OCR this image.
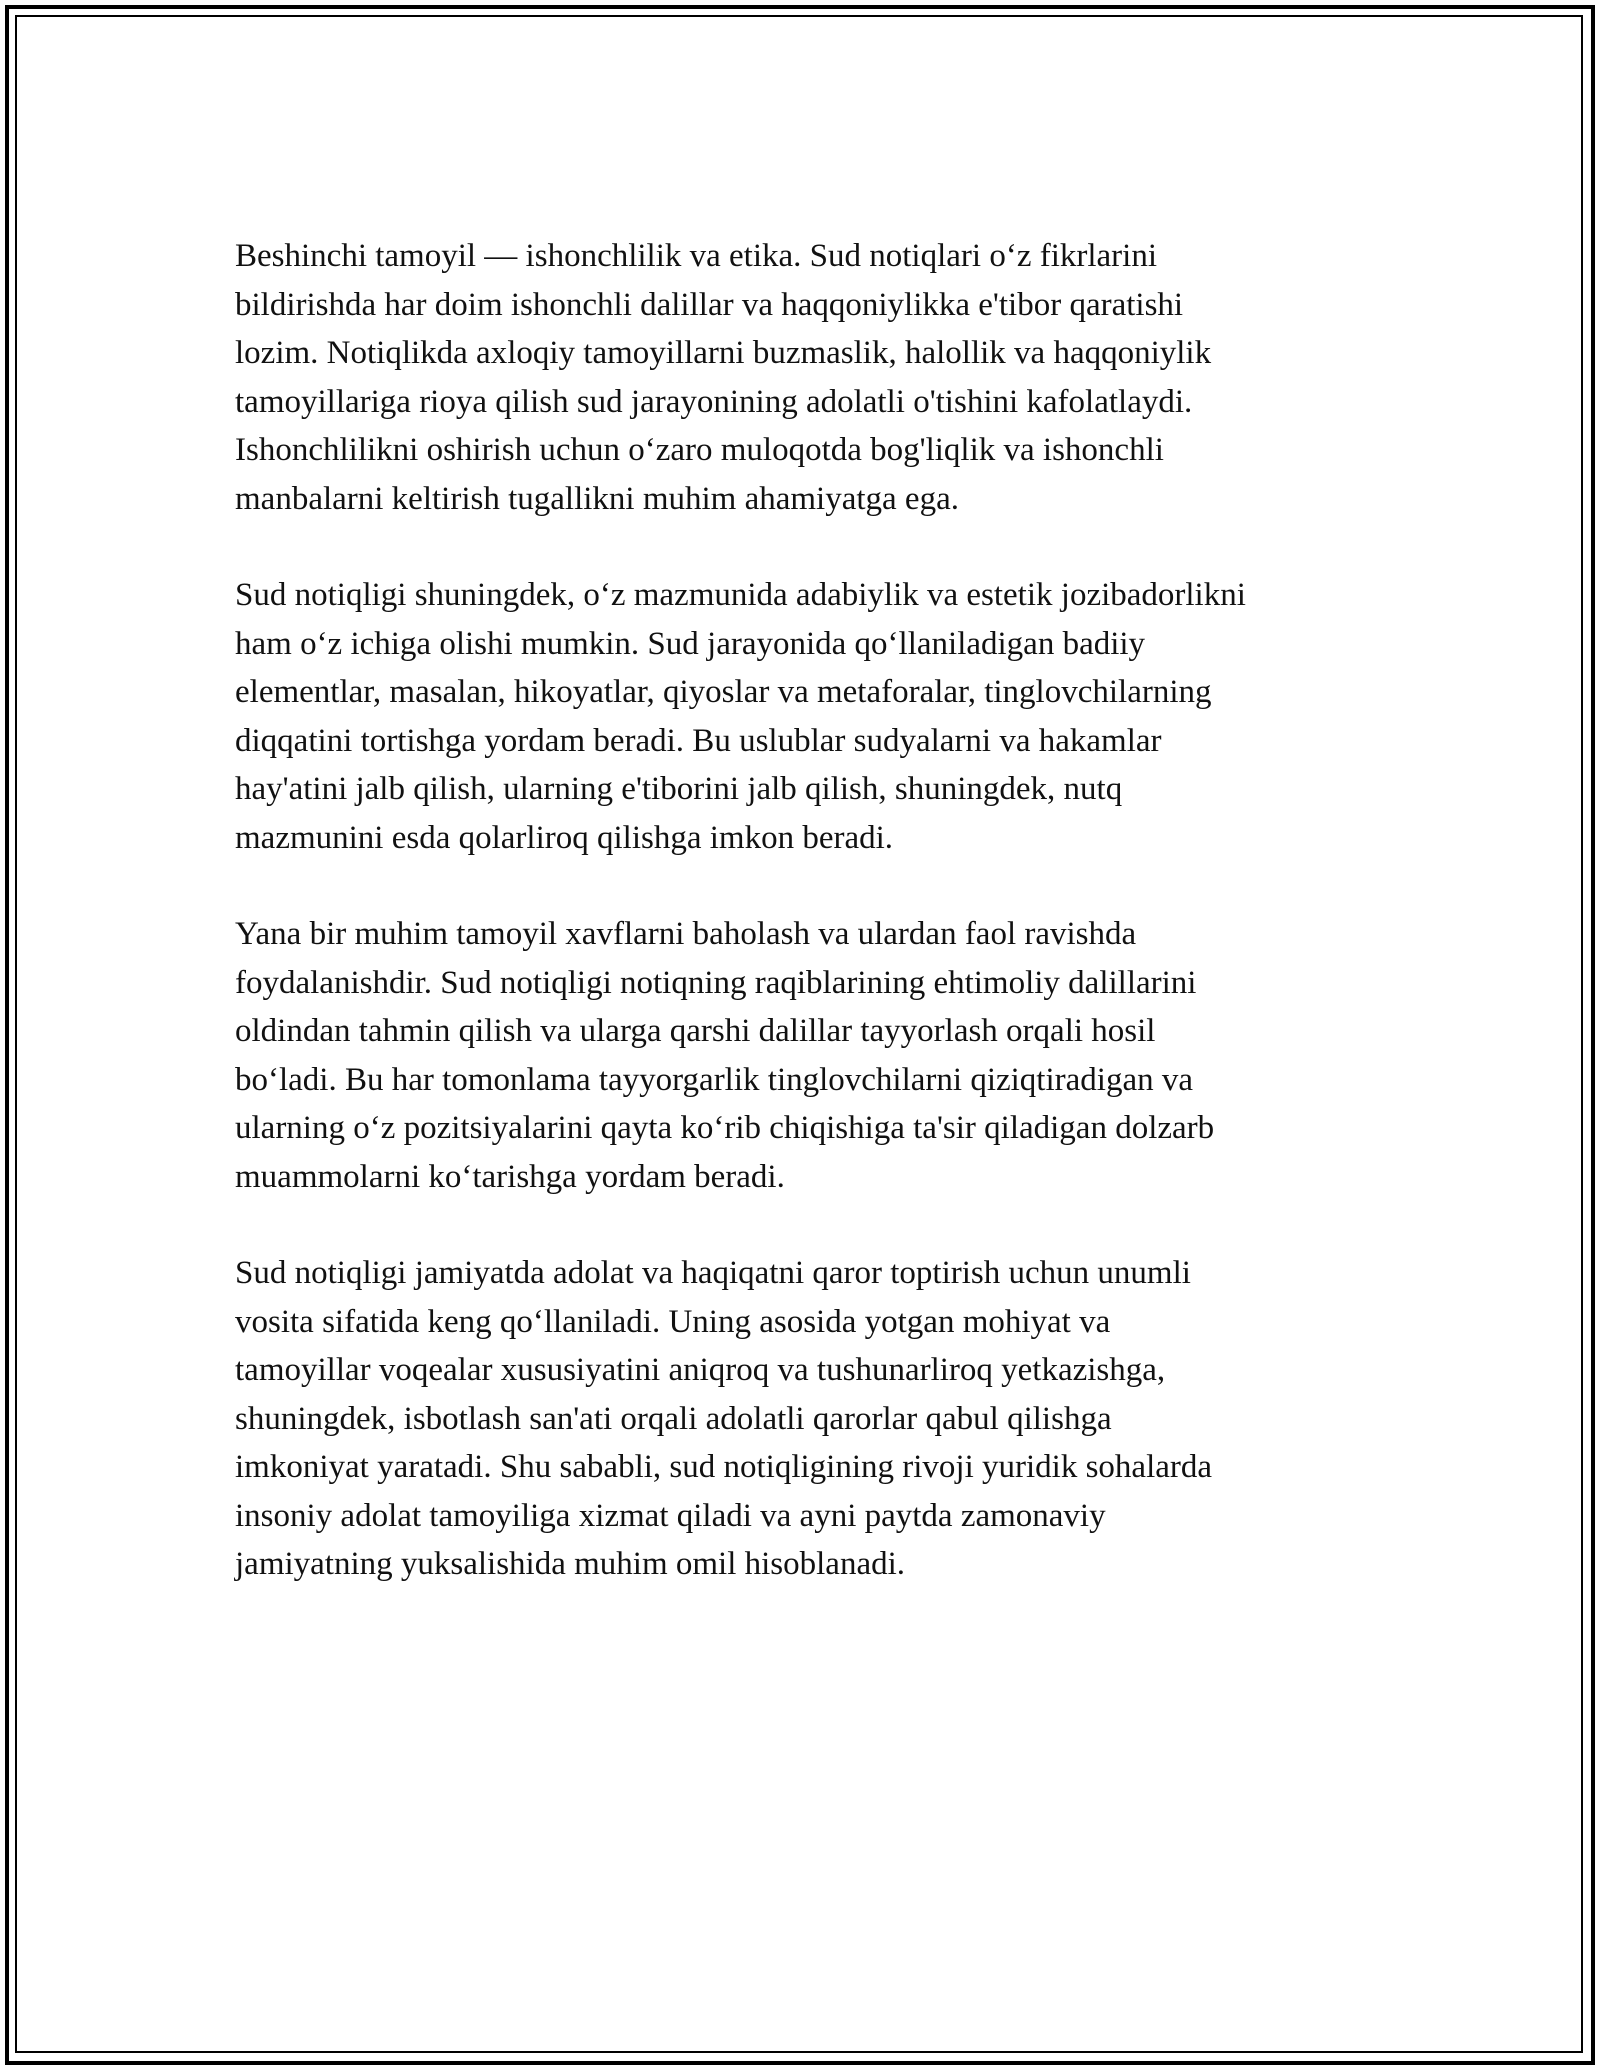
Beshinchi tamoyil — ishonchlilik va etika. Sud notiqlari o‘z fikrlarini
bildirishda har doim ishonchli dalillar va haqqoniylikka e'tibor qaratishi
lozim. Notiqlikda axloqiy tamoyillarni buzmaslik, halollik va haqqoniylik
tamoyillariga rioya qilish sud jarayonining adolatli o'tishini kafolatlaydi.
Ishonchlilikni oshirish uchun o‘zaro muloqotda bog'liqlik va ishonchli
manbalarni keltirish tugallikni muhim ahamiyatga ega.

Sud notiqligi shuningdek, o‘z mazmunida adabiylik va estetik jozibadorlikni
ham o‘z ichiga olishi mumkin. Sud jarayonida qo‘llaniladigan badiiy
elementlar, masalan, hikoyatlar, qiyoslar va metaforalar, tinglovchilarning
diqqatini tortishga yordam beradi. Bu uslublar sudyalarni va hakamlar
hay'atini jalb qilish, ularning e'tiborini jalb qilish, shuningdek, nutq
mazmunini esda qolarliroq qilishga imkon beradi.

Yana bir muhim tamoyil xavflarni baholash va ulardan faol ravishda
foydalanishdir. Sud notiqligi notiqning raqiblarining ehtimoliy dalillarini
oldindan tahmin qilish va ularga qarshi dalillar tayyorlash orqali hosil
bo‘ladi. Bu har tomonlama tayyorgarlik tinglovchilarni qiziqtiradigan va
ularning o‘z pozitsiyalarini qayta ko‘rib chiqishiga ta'sir qiladigan dolzarb
muammolarni ko‘tarishga yordam beradi.

Sud notiqligi jamiyatda adolat va haqiqatni qaror toptirish uchun unumli
vosita sifatida keng qo‘llaniladi. Uning asosida yotgan mohiyat va
tamoyillar voqealar xususiyatini aniqroq va tushunarliroq yetkazishga,
shuningdek, isbotlash san'ati orqali adolatli qarorlar qabul qilishga
imkoniyat yaratadi. Shu sababli, sud notiqligining rivoji yuridik sohalarda
insoniy adolat tamoyiliga xizmat qiladi va ayni paytda zamonaviy
jamiyatning yuksalishida muhim omil hisoblanadi.
